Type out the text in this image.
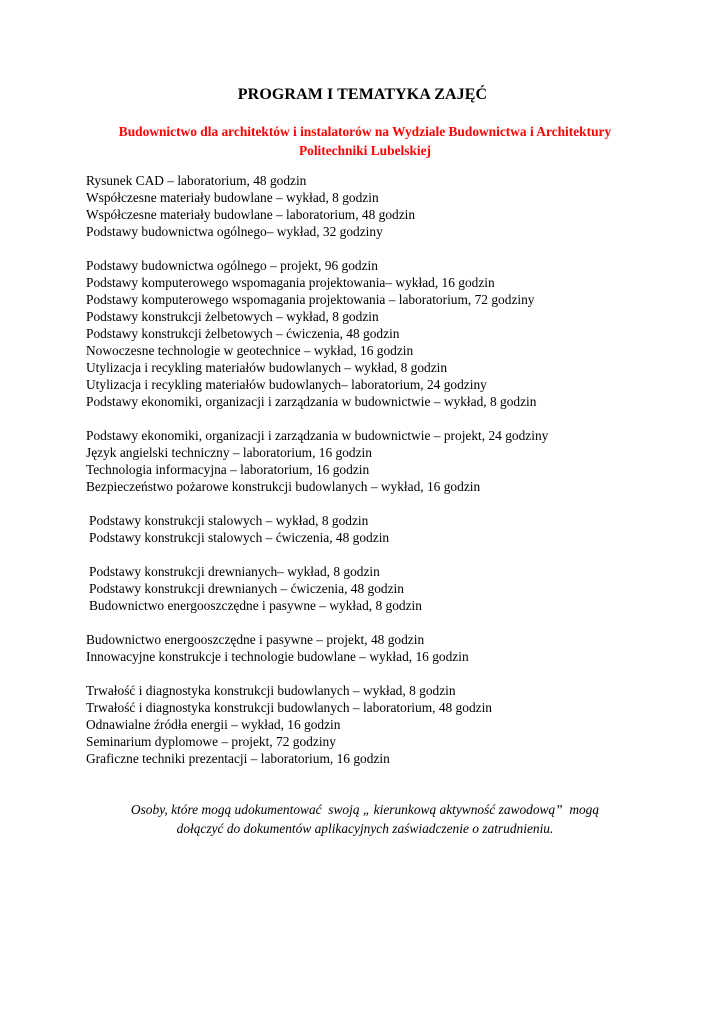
PROGRAM I TEMATYKA ZAJĘĆ
Budownictwo dla architektów i instalatorów na Wydziale Budownictwa i Architektury
Politechniki Lubelskiej
Rysunek CAD – laboratorium, 48 godzin
Współczesne materiały budowlane – wykład, 8 godzin
Współczesne materiały budowlane – laboratorium, 48 godzin
Podstawy budownictwa ogólnego– wykład, 32 godziny
Podstawy budownictwa ogólnego – projekt, 96 godzin
Podstawy komputerowego wspomagania projektowania– wykład, 16 godzin
Podstawy komputerowego wspomagania projektowania – laboratorium, 72 godziny
Podstawy konstrukcji żelbetowych – wykład, 8 godzin
Podstawy konstrukcji żelbetowych – ćwiczenia, 48 godzin
Nowoczesne technologie w geotechnice – wykład, 16 godzin
Utylizacja i recykling materiałów budowlanych – wykład, 8 godzin
Utylizacja i recykling materiałów budowlanych– laboratorium, 24 godziny
Podstawy ekonomiki, organizacji i zarządzania w budownictwie – wykład, 8 godzin
Podstawy ekonomiki, organizacji i zarządzania w budownictwie – projekt, 24 godziny
Język angielski techniczny – laboratorium, 16 godzin
Technologia informacyjna – laboratorium, 16 godzin
Bezpieczeństwo pożarowe konstrukcji budowlanych – wykład, 16 godzin
Podstawy konstrukcji stalowych – wykład, 8 godzin
Podstawy konstrukcji stalowych – ćwiczenia, 48 godzin
Podstawy konstrukcji drewnianych– wykład, 8 godzin
Podstawy konstrukcji drewnianych – ćwiczenia, 48 godzin
Budownictwo energooszczędne i pasywne – wykład, 8 godzin
Budownictwo energooszczędne i pasywne – projekt, 48 godzin
Innowacyjne konstrukcje i technologie budowlane – wykład, 16 godzin
Trwałość i diagnostyka konstrukcji budowlanych – wykład, 8 godzin
Trwałość i diagnostyka konstrukcji budowlanych – laboratorium, 48 godzin
Odnawialne źródła energii – wykład, 16 godzin
Seminarium dyplomowe – projekt, 72 godziny
Graficzne techniki prezentacji – laboratorium, 16 godzin
Osoby, które mogą udokumentować  swoją „ kierunkową aktywność zawodową”  mogą
dołączyć do dokumentów aplikacyjnych zaświadczenie o zatrudnieniu.
